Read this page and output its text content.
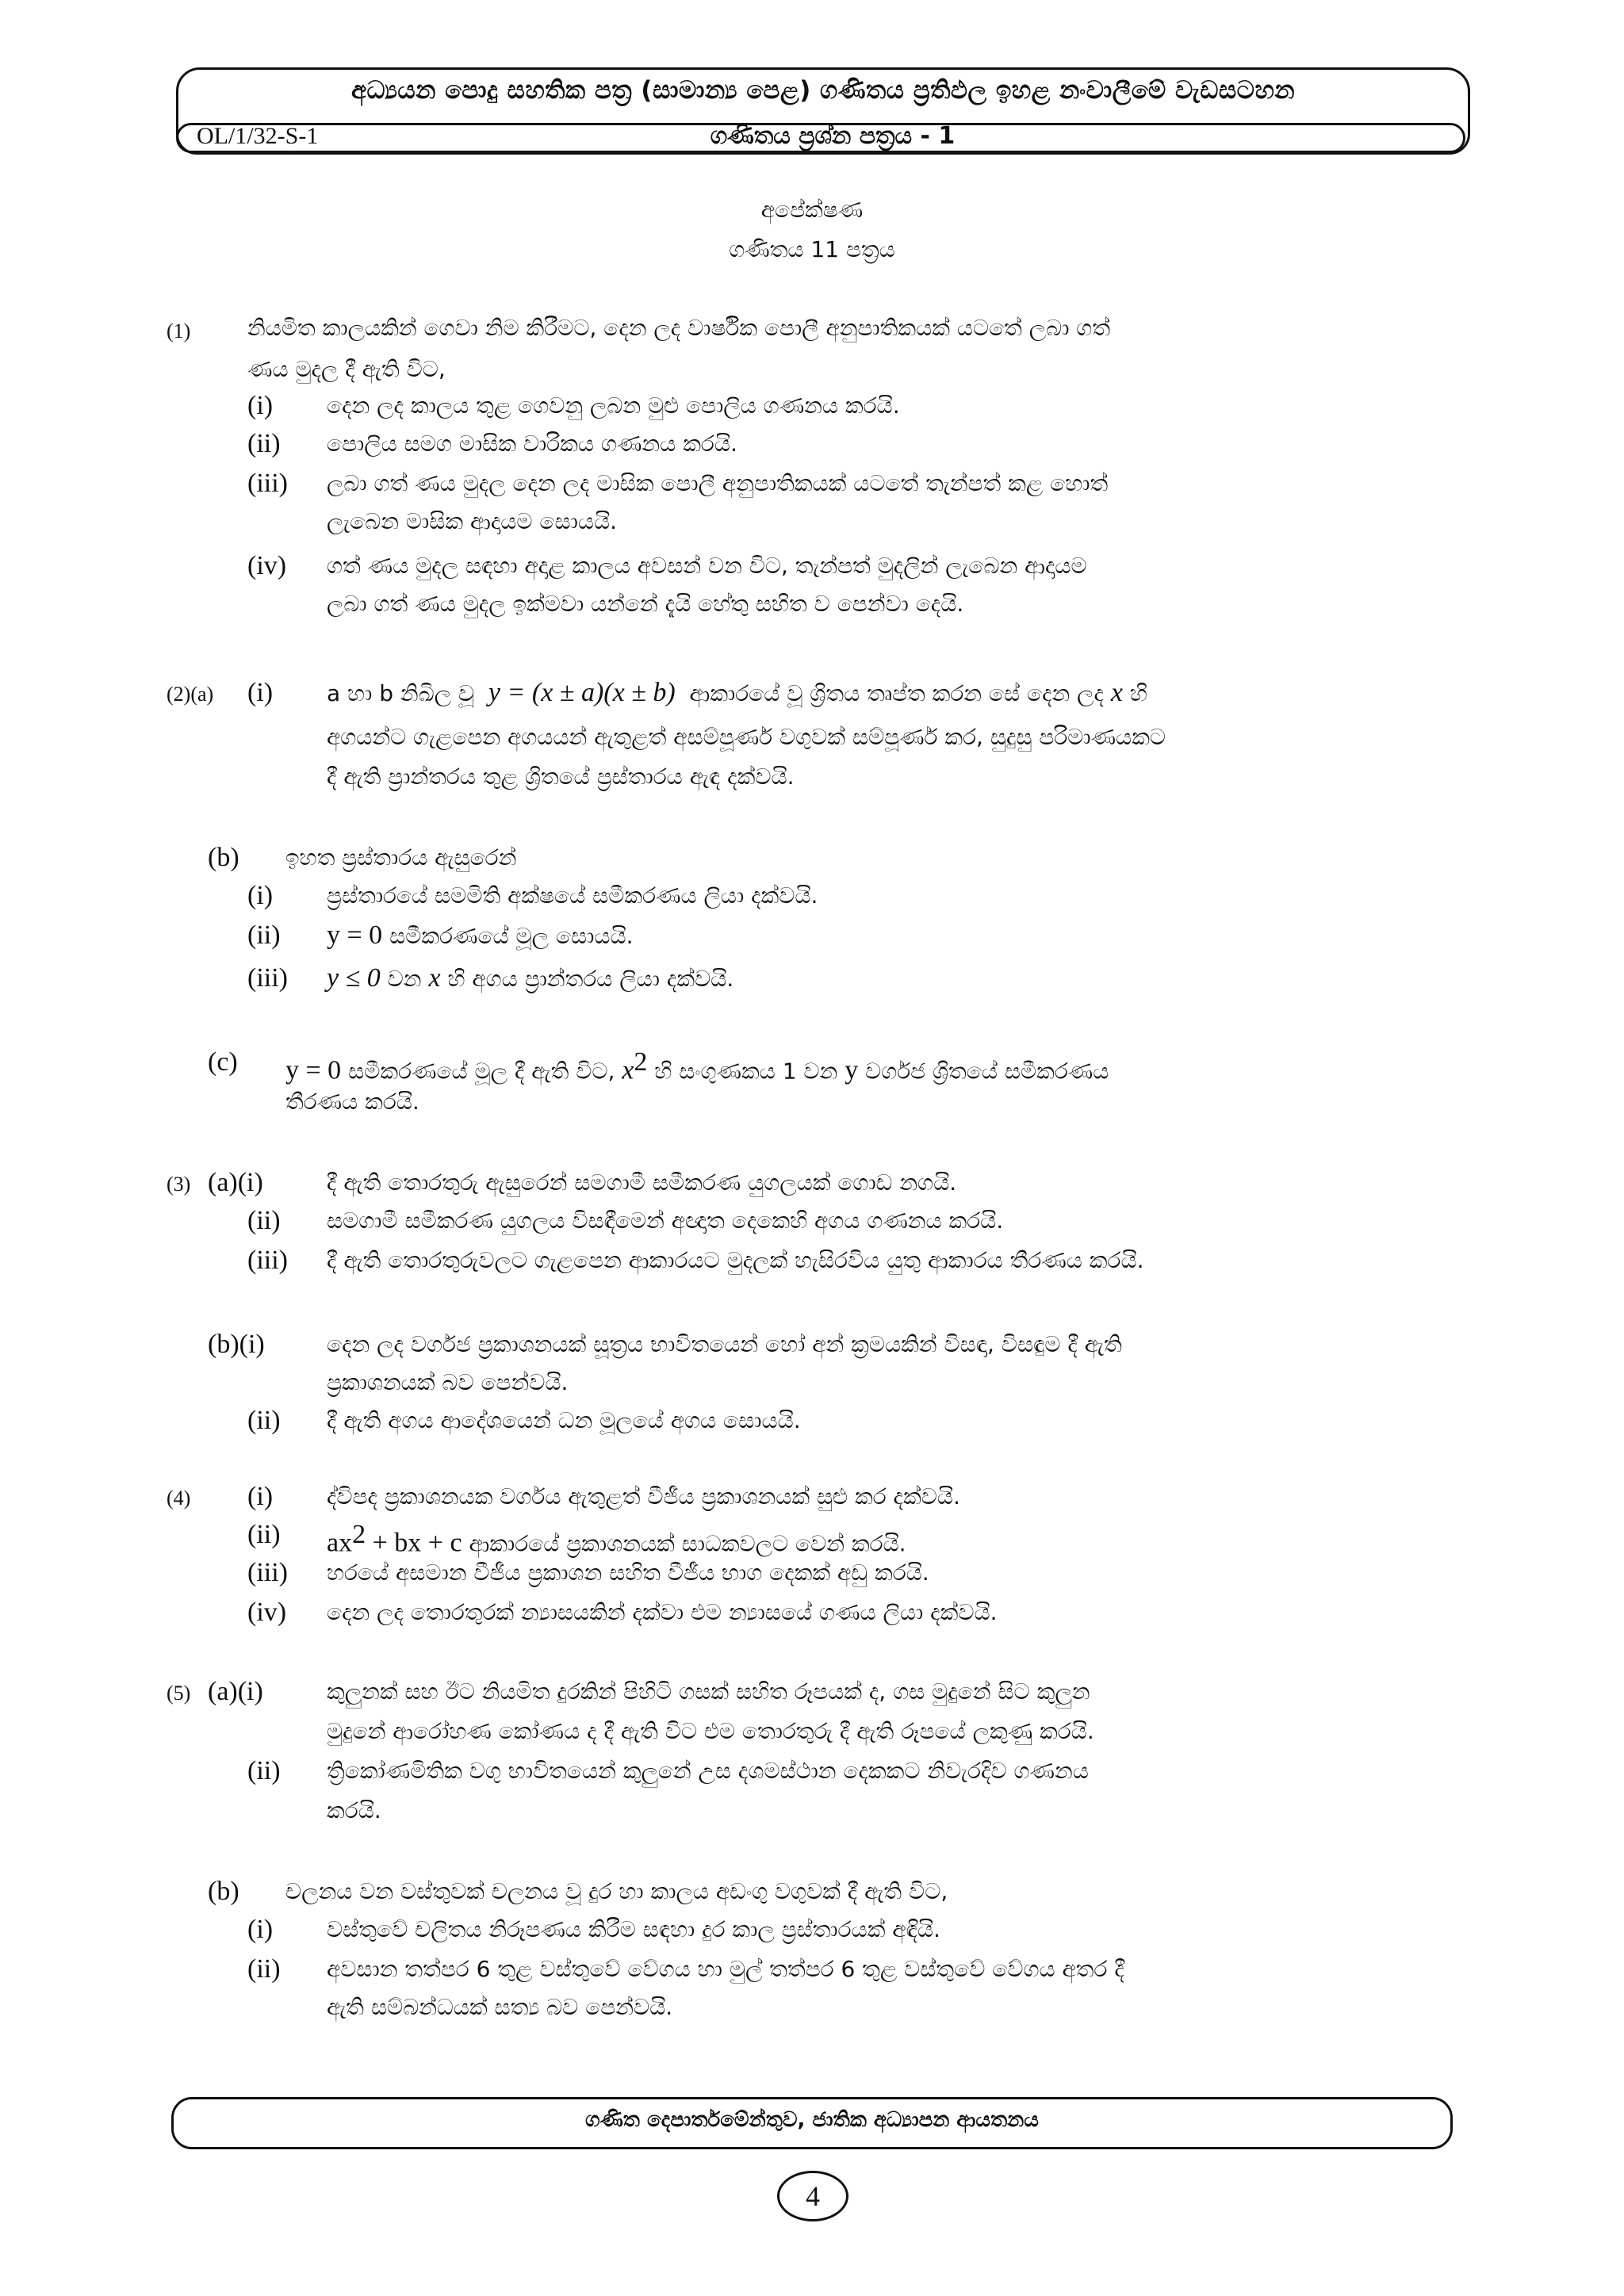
අධ්‍යයන පොදු සහතික පත්‍ර (සාමාන්‍ය පෙළ) ගණිතය ප්‍රතිඵල ඉහළ නංවාලීමේ වැඩසටහන
OL/1/32-S-1	ගණිතය ප්‍රශ්න පත්‍රය - 1
අපේක්ෂණ
ගණිතය 11 පත්‍රය
(1)	නියමිත කාලයකින් ගෙවා නිම කිරීමට, දෙන ලද වාර්ෂික පොලී අනුපාතිකයක් යටතේ ලබා ගත්
ණය මුදල දී ඇති විට,
(i) දෙන ලද කාලය තුළ ගෙවනු ලබන මුළු පොලිය ගණනය කරයි.
(ii) පොලිය සමග මාසික වාරිකය ගණනය කරයි.
(iii) ලබා ගත් ණය මුදල දෙන ලද මාසික පොලී අනුපාතිකයක් යටතේ තැන්පත් කළ හොත්
ලැබෙන මාසික ආදායම සොයයි.
(iv) ගත් ණය මුදල සඳහා අදාළ කාලය අවසන් වන විට, තැන්පත් මුදලින් ලැබෙන ආදායම
ලබා ගත් ණය මුදල ඉක්මවා යන්නේ දැයි හේතු සහිත ව පෙන්වා දෙයි.
(2)(a) (i) a හා b නිඛිල වූ y = (x ± a)(x ± b) ආකාරයේ වූ ශ්‍රිතය තෘප්ත කරන සේ දෙන ලද x හි
අගයන්ට ගැළපෙන අගයයන් ඇතුළත් අසම්පූර්ණ වගුවක් සම්පූර්ණ කර, සුදුසු පරිමාණයකට
දී ඇති ප්‍රාන්තරය තුළ ශ්‍රිතයේ ප්‍රස්තාරය ඇඳ දක්වයි.
(b) ඉහත ප්‍රස්තාරය ඇසුරෙන්
(i) ප්‍රස්තාරයේ සමමිති අක්ෂයේ සමීකරණය ලියා දක්වයි.
(ii) y = 0 සමීකරණයේ මූල සොයයි.
(iii) y ≤ 0 වන x හි අගය ප්‍රාන්තරය ලියා දක්වයි.
(c) y = 0 සමීකරණයේ මූල දී ඇති විට, $x^2$ හි සංගුණකය 1 වන y වර්ගජ ශ්‍රිතයේ සමීකරණය
තීරණය කරයි.
(3) (a)(i)	දී ඇති තොරතුරු ඇසුරෙන් සමගාමී සමීකරණ යුගලයක් ගොඩ නගයි.
(ii) සමගාමී සමීකරණ යුගලය විසඳීමෙන් අඥාත දෙකෙහි අගය ගණනය කරයි.
(iii) දී ඇති තොරතුරුවලට ගැළපෙන ආකාරයට මුදලක් හැසිරවිය යුතු ආකාරය තීරණය කරයි.
(b)(i)	දෙන ලද වර්ගජ ප්‍රකාශනයක් සූත්‍රය භාවිතයෙන් හෝ අන් ක්‍රමයකින් විසඳා, විසඳුම දී ඇති
ප්‍රකාශනයක් බව පෙන්වයි.
(ii) දී ඇති අගය ආදේශයෙන් ධන මූලයේ අගය සොයයි.
(4) (i) ද්විපද ප්‍රකාශනයක වර්ගය ඇතුළත් වීජීය ප්‍රකාශනයක් සුළු කර දක්වයි.
(ii) $ax^2$ + bx + c ආකාරයේ ප්‍රකාශනයක් සාධකවලට වෙන් කරයි.
(iii) හරයේ අසමාන වීජීය ප්‍රකාශන සහිත වීජීය භාග දෙකක් අඩු කරයි.
(iv) දෙන ලද තොරතුරක් න්‍යාසයකින් දක්වා එම න්‍යාසයේ ගණය ලියා දක්වයි.
(5) (a)(i)	කුලුනක් සහ ඊට නියමිත දුරකින් පිහිටි ගසක් සහිත රූපයක් ද, ගස මුදුනේ සිට කුලුන
මුදුනේ ආරෝහණ කෝණය ද දී ඇති විට එම තොරතුරු දී ඇති රූපයේ ලකුණු කරයි.
(ii) ත්‍රිකෝණමිතික වගු භාවිතයෙන් කුලුනේ උස දශමස්ථාන දෙකකට නිවැරදිව ගණනය
කරයි.
(b) චලනය වන වස්තුවක් චලනය වූ දුර හා කාලය අඩංගු වගුවක් දී ඇති විට,
(i) වස්තුවේ චලිතය නිරූපණය කිරීම සඳහා දුර කාල ප්‍රස්තාරයක් අඳියි.
(ii) අවසාන තත්පර 6 තුළ වස්තුවේ වේගය හා මුල් තත්පර 6 තුළ වස්තුවේ වේගය අතර දී
ඇති සම්බන්ධයක් සත්‍ය බව පෙන්වයි.
ගණිත දෙපාර්තමේන්තුව, ජාතික අධ්‍යාපන ආයතනය
4
